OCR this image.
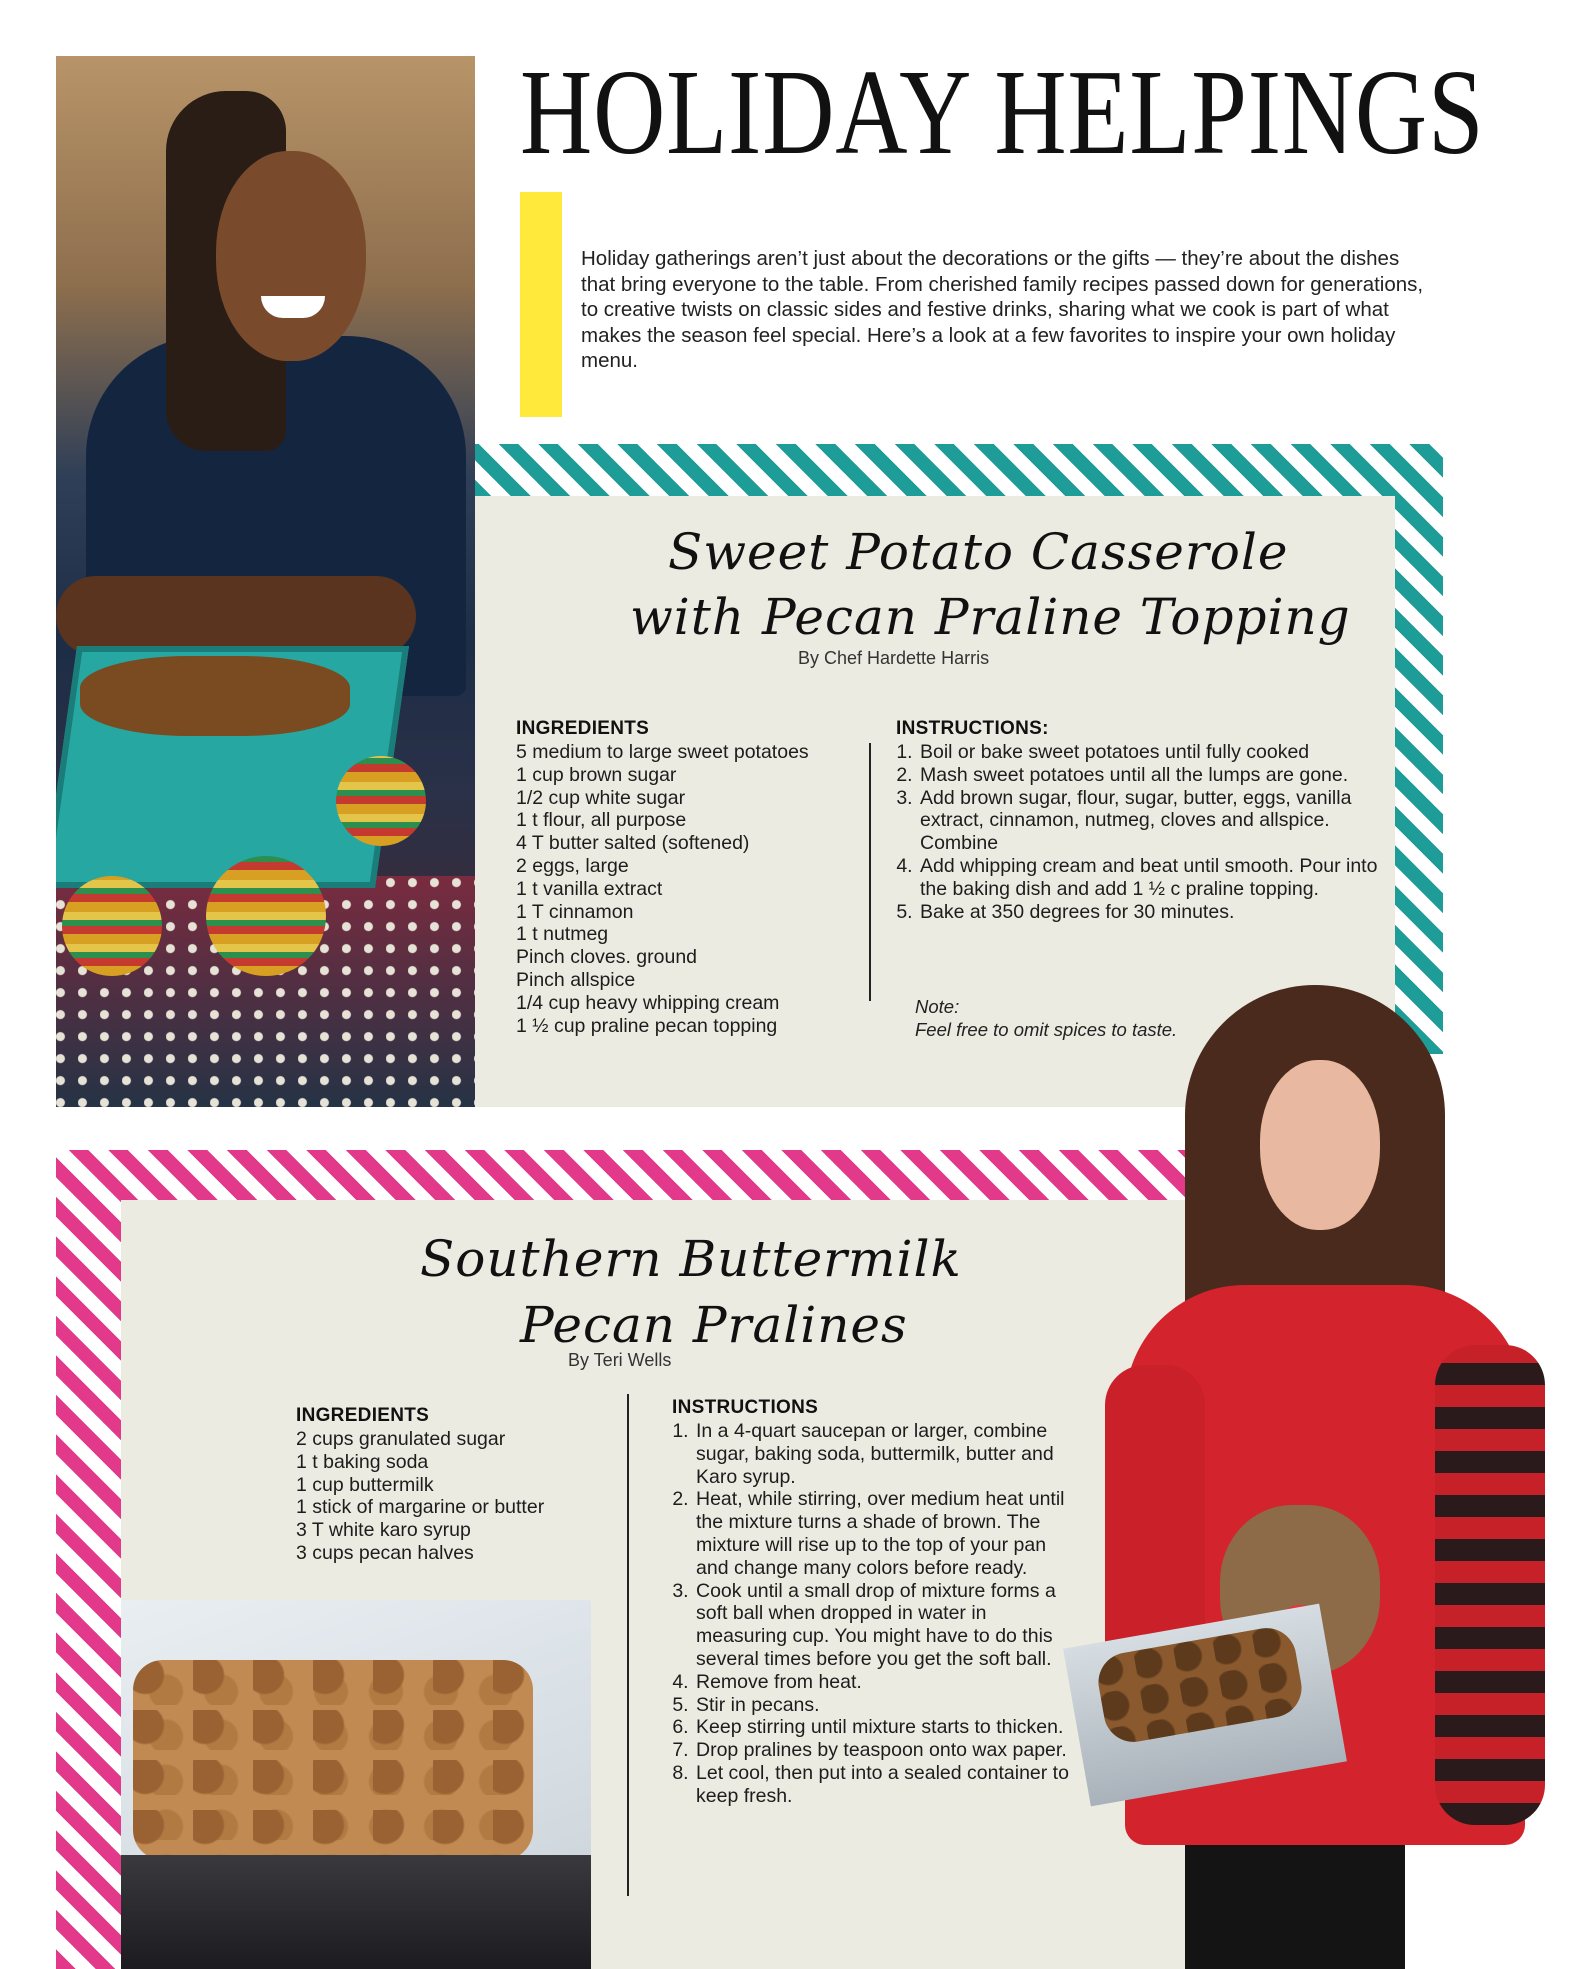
HOLIDAY HELPINGS

Holiday gatherings aren’t just about the decorations or the gifts — they’re about the dishes that bring everyone to the table. From cherished family recipes passed down for generations, to creative twists on classic sides and festive drinks, sharing what we cook is part of what makes the season feel special. Here’s a look at a few favorites to inspire your own holiday menu.

Sweet Potato Casserole
with Pecan Praline Topping
By Chef Hardette Harris
INGREDIENTS
5 medium to large sweet potatoes
1 cup brown sugar
1/2 cup white sugar
1 t flour, all purpose
4 T butter salted (softened)
2 eggs, large
1 t vanilla extract
1 T cinnamon
1 t nutmeg
Pinch cloves. ground
Pinch allspice
1/4 cup heavy whipping cream
1 ½ cup praline pecan topping
INSTRUCTIONS:
1. Boil or bake sweet potatoes until fully cooked
2. Mash sweet potatoes until all the lumps are gone.
3. Add brown sugar, flour, sugar, butter, eggs, vanilla extract, cinnamon, nutmeg, cloves and allspice. Combine
4. Add whipping cream and beat until smooth. Pour into the baking dish and add 1 ½ c praline topping.
5. Bake at 350 degrees for 30 minutes.
Note:
Feel free to omit spices to taste.
Southern Buttermilk
Pecan Pralines
By Teri Wells
INGREDIENTS
2 cups granulated sugar
1 t baking soda
1 cup buttermilk
1 stick of margarine or butter
3 T white karo syrup
3 cups pecan halves
INSTRUCTIONS
1. In a 4-quart saucepan or larger, combine sugar, baking soda, buttermilk, butter and Karo syrup.
2. Heat, while stirring, over medium heat until the mixture turns a shade of brown. The mixture will rise up to the top of your pan and change many colors before ready.
3. Cook until a small drop of mixture forms a soft ball when dropped in water in measuring cup. You might have to do this several times before you get the soft ball.
4. Remove from heat.
5. Stir in pecans.
6. Keep stirring until mixture starts to thicken.
7. Drop pralines by teaspoon onto wax paper.
8. Let cool, then put into a sealed container to keep fresh.
